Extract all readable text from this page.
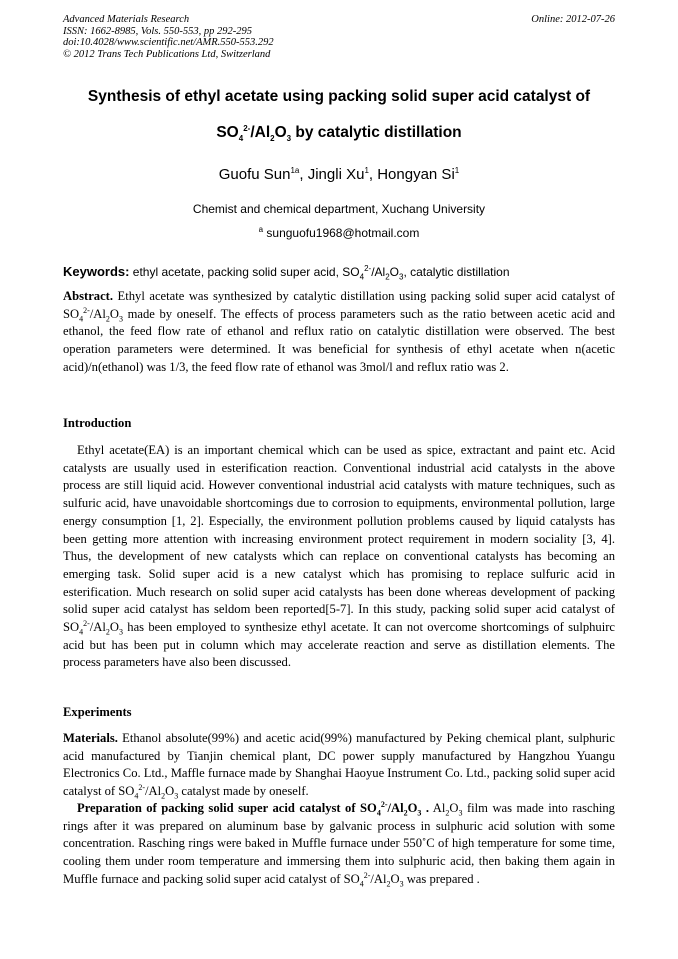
Advanced Materials Research
ISSN: 1662-8985, Vols. 550-553, pp 292-295
doi:10.4028/www.scientific.net/AMR.550-553.292
© 2012 Trans Tech Publications Ltd, Switzerland
Online: 2012-07-26
Synthesis of ethyl acetate using packing solid super acid catalyst of
$SO_4^{2-}/Al_2O_3$ by catalytic distillation
Guofu Sun$^{1a}$, Jingli Xu$^1$, Hongyan Si$^1$
Chemist and chemical department, Xuchang University
$^a$ sunguofu1968@hotmail.com
Keywords: ethyl acetate, packing solid super acid, $SO_4^{2-}/Al_2O_3$, catalytic distillation
Abstract. Ethyl acetate was synthesized by catalytic distillation using packing solid super acid catalyst of $SO_4^{2-}/Al_2O_3$ made by oneself. The effects of process parameters such as the ratio between acetic acid and ethanol, the feed flow rate of ethanol and reflux ratio on catalytic distillation were observed. The best operation parameters were determined. It was beneficial for synthesis of ethyl acetate when n(acetic acid)/n(ethanol) was 1/3, the feed flow rate of ethanol was 3mol/l and reflux ratio was 2.
Introduction
Ethyl acetate(EA) is an important chemical which can be used as spice, extractant and paint etc. Acid catalysts are usually used in esterification reaction. Conventional industrial acid catalysts in the above process are still liquid acid. However conventional industrial acid catalysts with mature techniques, such as sulfuric acid, have unavoidable shortcomings due to corrosion to equipments, environmental pollution, large energy consumption [1, 2]. Especially, the environment pollution problems caused by liquid catalysts has been getting more attention with increasing environment protect requirement in modern sociality [3, 4]. Thus, the development of new catalysts which can replace on conventional catalysts has becoming an emerging task. Solid super acid is a new catalyst which has promising to replace sulfuric acid in esterification. Much research on solid super acid catalysts has been done whereas development of packing solid super acid catalyst has seldom been reported[5-7]. In this study, packing solid super acid catalyst of $SO_4^{2-}/Al_2O_3$ has been employed to synthesize ethyl acetate. It can not overcome shortcomings of sulphuirc acid but has been put in column which may accelerate reaction and serve as distillation elements. The process parameters have also been discussed.
Experiments
Materials. Ethanol absolute(99%) and acetic acid(99%) manufactured by Peking chemical plant, sulphuric acid manufactured by Tianjin chemical plant, DC power supply manufactured by Hangzhou Yuangu Electronics Co. Ltd., Maffle furnace made by Shanghai Haoyue Instrument Co. Ltd., packing solid super acid catalyst of $SO_4^{2-}/Al_2O_3$ catalyst made by oneself.
Preparation of packing solid super acid catalyst of $SO_4^{2-}/Al_2O_3$ . $Al_2O_3$ film was made into rasching rings after it was prepared on aluminum base by galvanic process in sulphuric acid solution with some concentration. Rasching rings were baked in Muffle furnace under 550˚C of high temperature for some time, cooling them under room temperature and immersing them into sulphuric acid, then baking them again in Muffle furnace and packing solid super acid catalyst of $SO_4^{2-}/Al_2O_3$ was prepared .
